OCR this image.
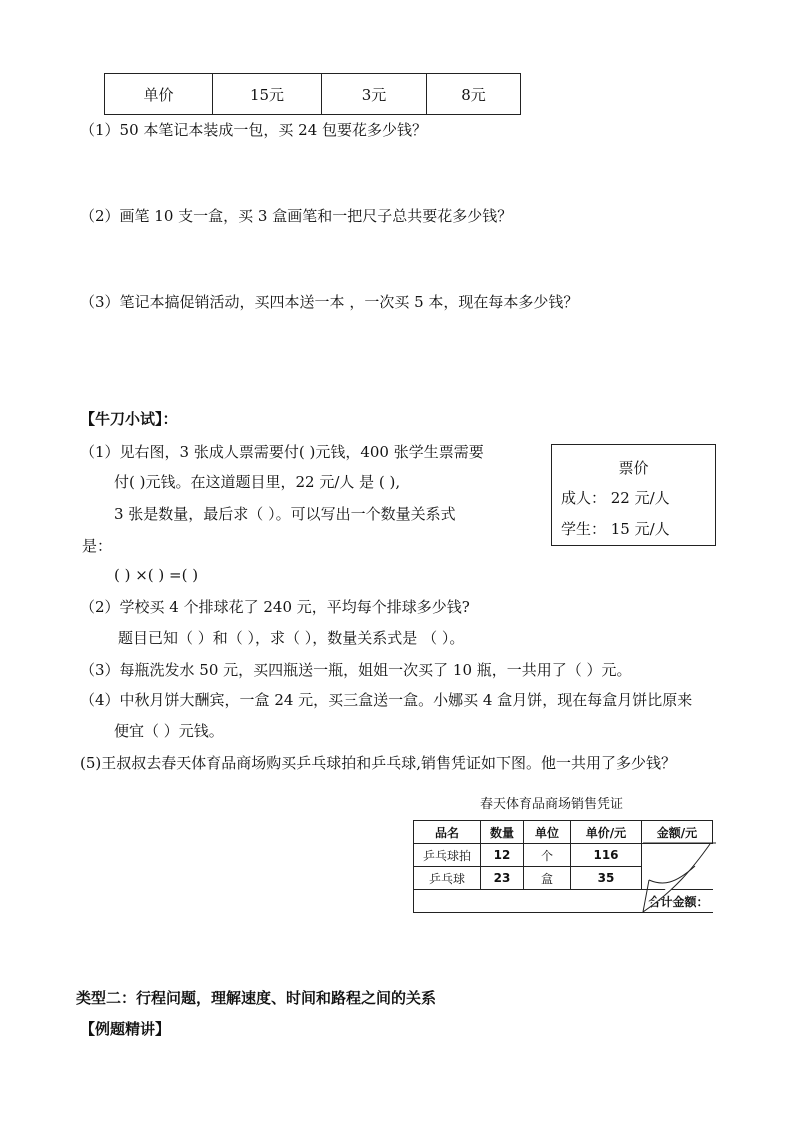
单价	15元	3元	8元
（1）50 本笔记本装成一包，买 24 包要花多少钱？
（2）画笔 10 支一盒，买 3 盒画笔和一把尺子总共要花多少钱？
（3）笔记本搞促销活动，买四本送一本 ，一次买 5 本，现在每本多少钱？
【牛刀小试】：
（1）见右图，3 张成人票需要付( )元钱，400 张学生票需要
付( )元钱。在这道题目里，22 元/人 是 ( ),
3 张是数量，最后求（ ）。可以写出一个数量关系式
是：
( ) ×( ) =( )
票价
成人： 22 元/人
学生： 15 元/人
（2）学校买 4 个排球花了 240 元，平均每个排球多少钱?
题目已知（ ）和（ ），求（ ），数量关系式是 （ ）。
（3）每瓶洗发水 50 元，买四瓶送一瓶，姐姐一次买了 10 瓶，一共用了（ ）元。
（4）中秋月饼大酬宾，一盒 24 元，买三盒送一盒。小娜买 4 盒月饼，现在每盒月饼比原来
便宜（ ）元钱。
(5)王叔叔去春天体育品商场购买乒乓球拍和乒乓球,销售凭证如下图。他一共用了多少钱？
春天体育品商场销售凭证
品名	数量	单位	单价/元	金额/元
乒乓球拍	12	个	116	
乒乓球	23	盒	35	
合计金额：				
类型二：行程问题，理解速度、时间和路程之间的关系
【例题精讲】
